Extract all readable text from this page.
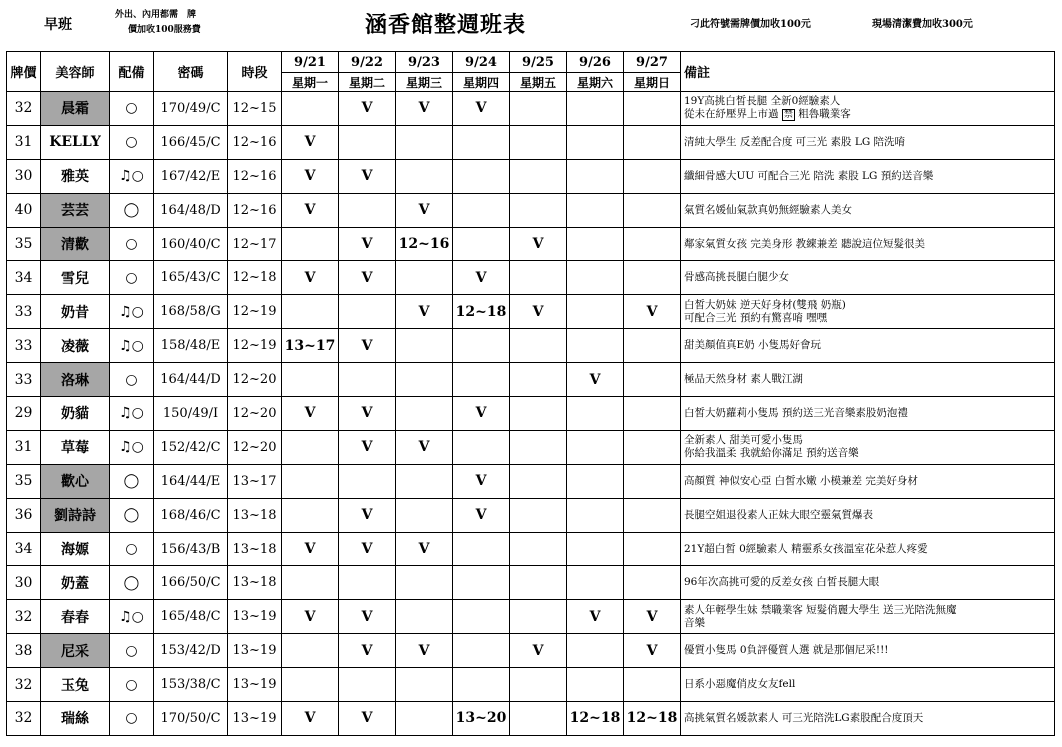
早班
外出、內用都需　牌
價加收100服務費	涵香館整週班表	刁此符號需牌價加收100元	現場清潔費加收300元
牌價	美容師	配備	密碼	時段	9/21	9/22	9/23	9/24	9/25	9/26	9/27	備註
					星期一	星期二	星期三	星期四	星期五	星期六	星期日	
32	晨霜	○	170/49/C	12~15		V	V	V				19Y高挑白皙長腿 全新0經驗素人
從未在紓壓界上市過 禁 粗魯職業客
31	KELLY	○	166/45/C	12~16	V							清純大學生 反差配合度 可三光 素股 LG 陪洗唷
30	雅英	♫○	167/42/E	12~16	V	V						纖細骨感大UU 可配合三光 陪洗 素股 LG 預約送音樂
40	芸芸	◯	164/48/D	12~16	V		V					氣質名媛仙氣款真奶無經驗素人美女
35	清歡	○	160/40/C	12~17		V	12~16		V			鄰家氣質女孩 完美身形 教練兼差 聽說這位短髮很美
34	雪兒	○	165/43/C	12~18	V	V		V				骨感高挑長腿白腿少女
33	奶昔	♫○	168/58/G	12~19			V	12~18	V		V	白皙大奶妹 逆天好身材(雙飛 奶瓶)
可配合三光 預約有驚喜唷 嘿嘿
33	凌薇	♫○	158/48/E	12~19	13~17	V						甜美顏值真E奶 小隻馬好會玩
33	洛琳	○	164/44/D	12~20						V		極品天然身材 素人戰江湖
29	奶貓	♫○	150/49/I	12~20	V	V		V				白皙大奶蘿莉小隻馬 預約送三光音樂素股奶泡禮
31	草莓	♫○	152/42/C	12~20		V	V					全新素人 甜美可愛小隻馬
你給我溫柔 我就給你滿足 預約送音樂
35	歡心	◯	164/44/E	13~17				V				高顏質 神似安心亞 白皙水嫩 小模兼差 完美好身材
36	劉詩詩	◯	168/46/C	13~18		V		V				長腿空姐退役素人正妹大眼空靈氣質爆表
34	海嫄	○	156/43/B	13~18	V	V	V					21Y超白皙 0經驗素人 精靈系女孩溫室花朵惹人疼愛
30	奶蓋	◯	166/50/C	13~18								96年次高挑可愛的反差女孩 白皙長腿大眼
32	春春	♫○	165/48/C	13~19	V	V				V	V	素人年輕學生妹 禁職業客 短髮俏麗大學生 送三光陪洗無魔
音樂
38	尼采	○	153/42/D	13~19		V	V		V		V	優質小隻馬 0負評優質人選 就是那個尼采!!!
32	玉兔	○	153/38/C	13~19								日系小惡魔俏皮女友fell
32	瑞絲	○	170/50/C	13~19	V	V		13~20		12~18	12~18	高挑氣質名媛款素人 可三光陪洗LG素股配合度頂天
